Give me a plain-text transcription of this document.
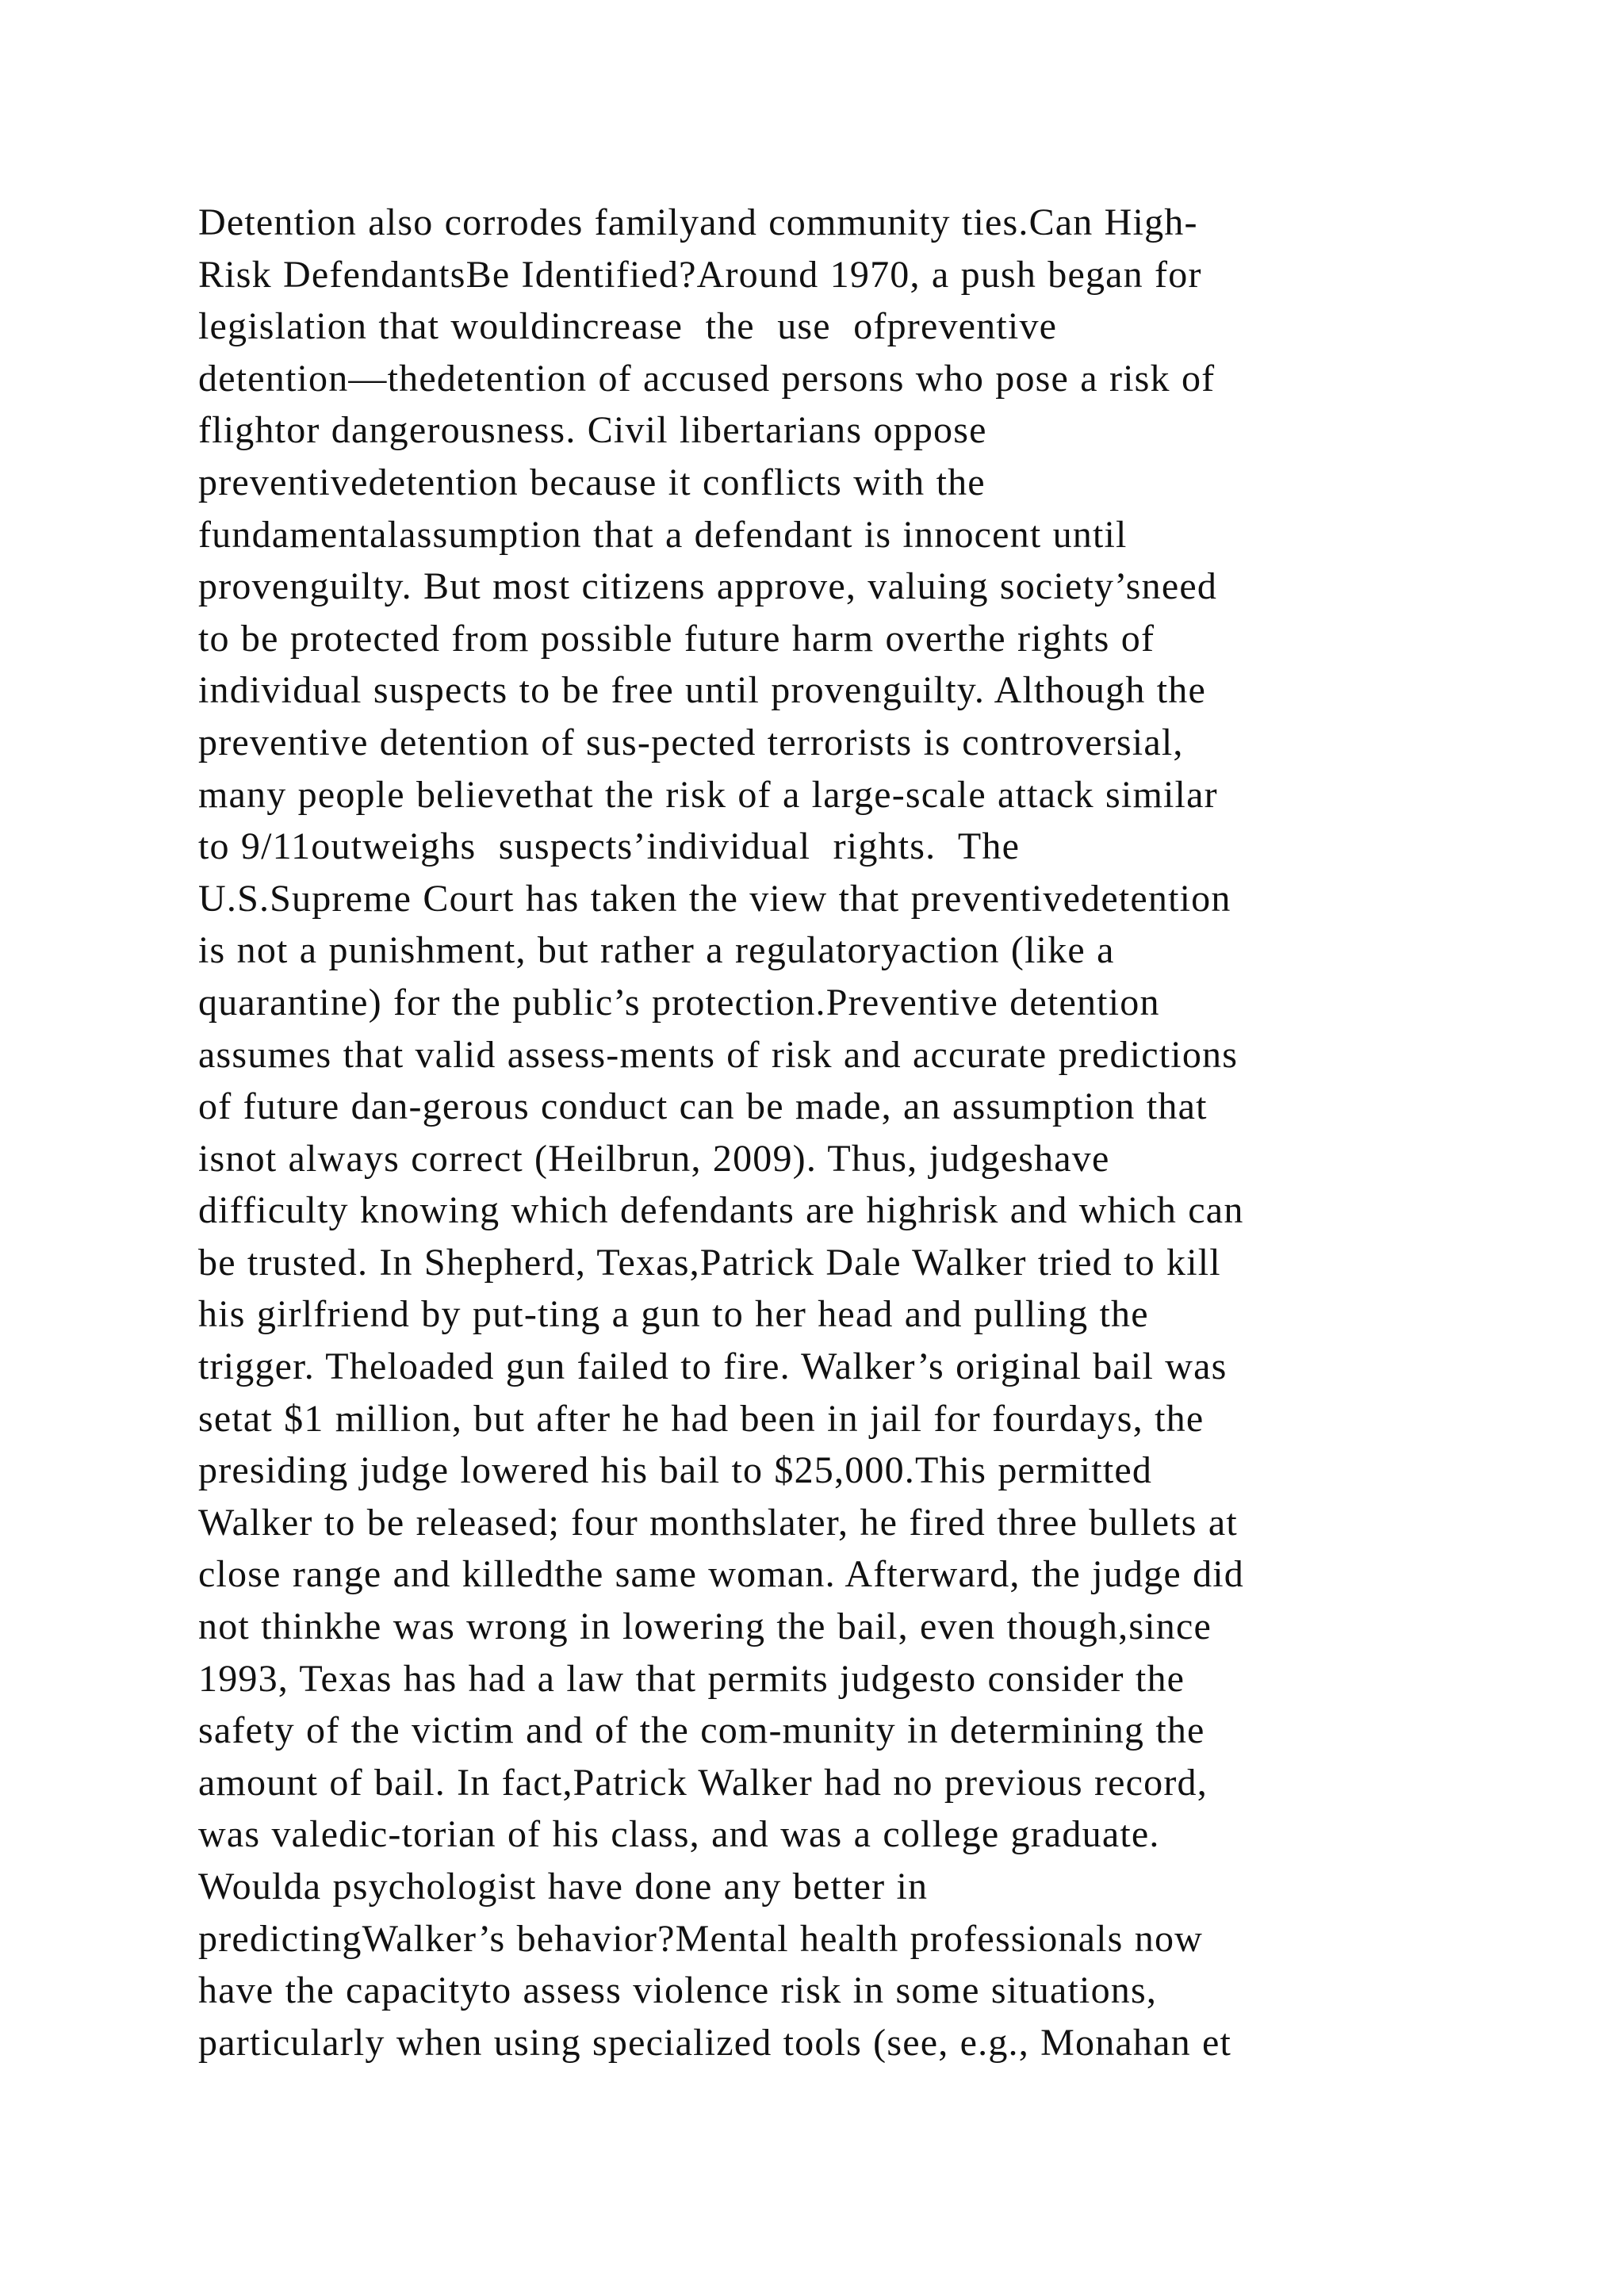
Detention also corrodes familyand community ties.Can High-
Risk DefendantsBe Identified?Around 1970, a push began for
legislation that wouldincrease  the  use  ofpreventive
detention—thedetention of accused persons who pose a risk of
flightor dangerousness. Civil libertarians oppose
preventivedetention because it conflicts with the
fundamentalassumption that a defendant is innocent until
provenguilty. But most citizens approve, valuing society’sneed
to be protected from possible future harm overthe rights of
individual suspects to be free until provenguilty. Although the
preventive detention of sus-pected terrorists is controversial,
many people believethat the risk of a large-scale attack similar
to 9/11outweighs  suspects’individual  rights.  The
U.S.Supreme Court has taken the view that preventivedetention
is not a punishment, but rather a regulatoryaction (like a
quarantine) for the public’s protection.Preventive detention
assumes that valid assess-ments of risk and accurate predictions
of future dan-gerous conduct can be made, an assumption that
isnot always correct (Heilbrun, 2009). Thus, judgeshave
difficulty knowing which defendants are highrisk and which can
be trusted. In Shepherd, Texas,Patrick Dale Walker tried to kill
his girlfriend by put-ting a gun to her head and pulling the
trigger. Theloaded gun failed to fire. Walker’s original bail was
setat $1 million, but after he had been in jail for fourdays, the
presiding judge lowered his bail to $25,000.This permitted
Walker to be released; four monthslater, he fired three bullets at
close range and killedthe same woman. Afterward, the judge did
not thinkhe was wrong in lowering the bail, even though,since
1993, Texas has had a law that permits judgesto consider the
safety of the victim and of the com-munity in determining the
amount of bail. In fact,Patrick Walker had no previous record,
was valedic-torian of his class, and was a college graduate.
Woulda psychologist have done any better in
predictingWalker’s behavior?Mental health professionals now
have the capacityto assess violence risk in some situations,
particularly when using specialized tools (see, e.g., Monahan et
